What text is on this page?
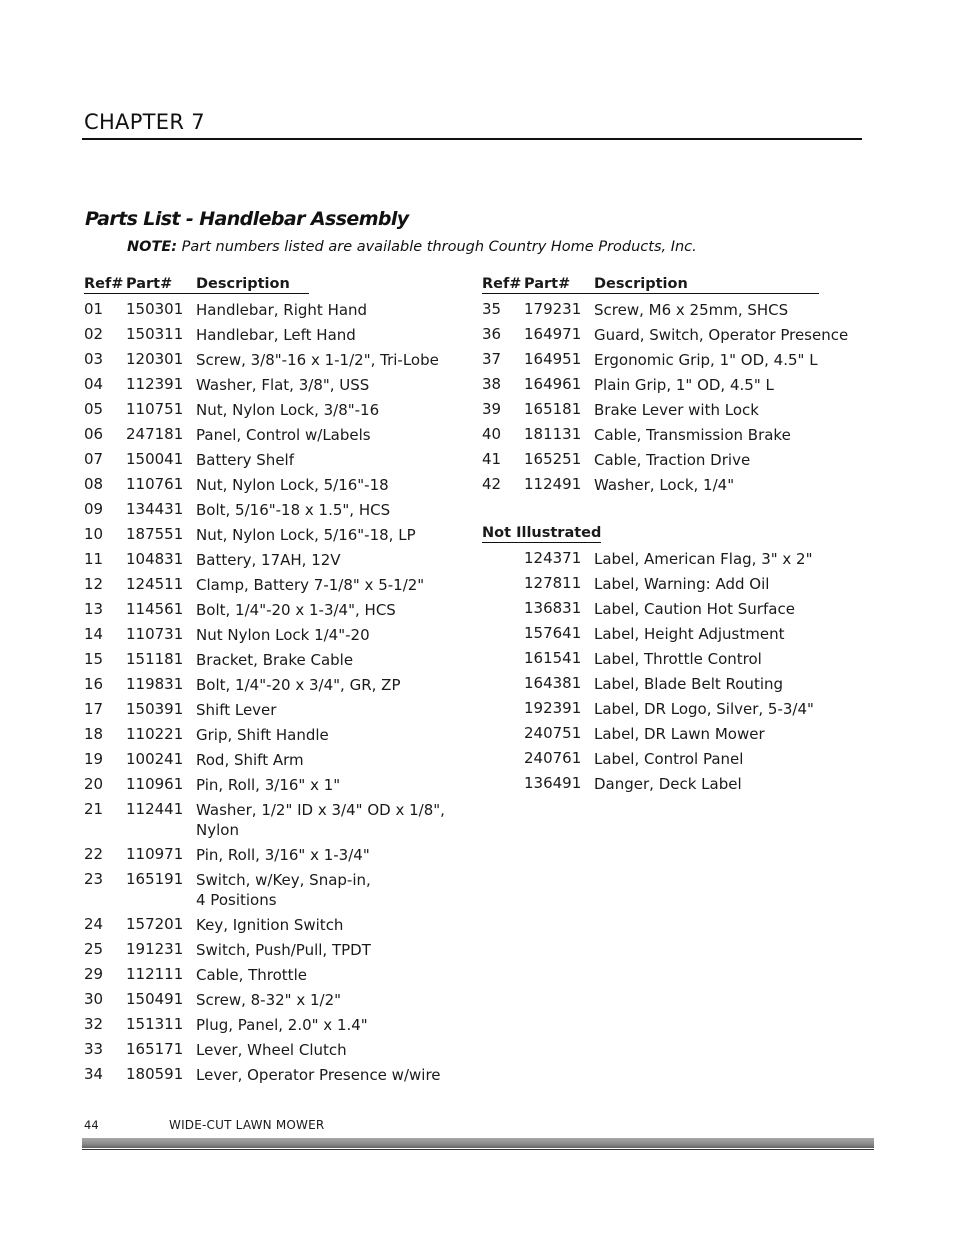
CHAPTER 7
Parts List - Handlebar Assembly
NOTE: Part numbers listed are available through Country Home Products, Inc.
Ref# Part# Description	Ref# Part# Description
01 150301 Handlebar, Right Hand
02 150311 Handlebar, Left Hand
03 120301 Screw, 3/8"-16 x 1-1/2", Tri-Lobe
04 112391 Washer, Flat, 3/8", USS
05 110751 Nut, Nylon Lock, 3/8"-16
06 247181 Panel, Control w/Labels
07 150041 Battery Shelf
08 110761 Nut, Nylon Lock, 5/16"-18
09 134431 Bolt, 5/16"-18 x 1.5", HCS
10 187551 Nut, Nylon Lock, 5/16"-18, LP
11 104831 Battery, 17AH, 12V
12 124511 Clamp, Battery 7-1/8" x 5-1/2"
13 114561 Bolt, 1/4"-20 x 1-3/4", HCS
14 110731 Nut Nylon Lock 1/4"-20
15 151181 Bracket, Brake Cable
16 119831 Bolt, 1/4"-20 x 3/4", GR, ZP
17 150391 Shift Lever
18 110221 Grip, Shift Handle
19 100241 Rod, Shift Arm
20 110961 Pin, Roll, 3/16" x 1"
21 112441 Washer, 1/2" ID x 3/4" OD x 1/8",
Nylon
22 110971 Pin, Roll, 3/16" x 1-3/4"
23 165191 Switch, w/Key, Snap-in,
4 Positions
24 157201 Key, Ignition Switch
25 191231 Switch, Push/Pull, TPDT
29 112111 Cable, Throttle
30 150491 Screw, 8-32" x 1/2"
32 151311 Plug, Panel, 2.0" x 1.4"
33 165171 Lever, Wheel Clutch
34 180591 Lever, Operator Presence w/wire
35 179231 Screw, M6 x 25mm, SHCS
36 164971 Guard, Switch, Operator Presence
37 164951 Ergonomic Grip, 1" OD, 4.5" L
38 164961 Plain Grip, 1" OD, 4.5" L
39 165181 Brake Lever with Lock
40 181131 Cable, Transmission Brake
41 165251 Cable, Traction Drive
42 112491 Washer, Lock, 1/4"
Not Illustrated
124371 Label, American Flag, 3" x 2"
127811 Label, Warning: Add Oil
136831 Label, Caution Hot Surface
157641 Label, Height Adjustment
161541 Label, Throttle Control
164381 Label, Blade Belt Routing
192391 Label, DR Logo, Silver, 5-3/4"
240751 Label, DR Lawn Mower
240761 Label, Control Panel
136491 Danger, Deck Label
44	WIDE-CUT LAWN MOWER
